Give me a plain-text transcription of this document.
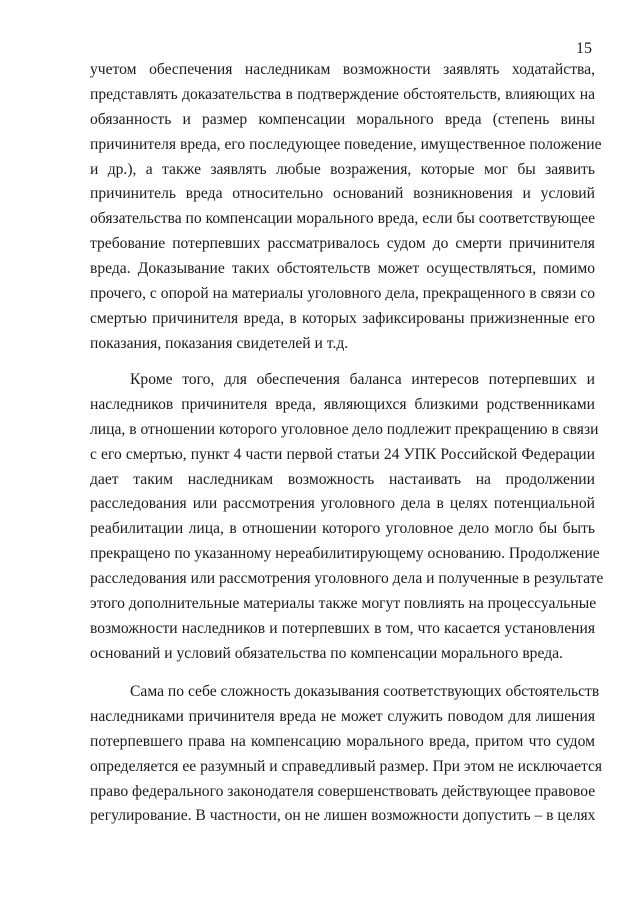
15
учетом обеспечения наследникам возможности заявлять ходатайства,
представлять доказательства в подтверждение обстоятельств, влияющих на
обязанность и размер компенсации морального вреда (степень вины
причинителя вреда, его последующее поведение, имущественное положение
и др.), а также заявлять любые возражения, которые мог бы заявить
причинитель вреда относительно оснований возникновения и условий
обязательства по компенсации морального вреда, если бы соответствующее
требование потерпевших рассматривалось судом до смерти причинителя
вреда. Доказывание таких обстоятельств может осуществляться, помимо
прочего, с опорой на материалы уголовного дела, прекращенного в связи со
смертью причинителя вреда, в которых зафиксированы прижизненные его
показания, показания свидетелей и т.д.
Кроме того, для обеспечения баланса интересов потерпевших и
наследников причинителя вреда, являющихся близкими родственниками
лица, в отношении которого уголовное дело подлежит прекращению в связи
с его смертью, пункт 4 части первой статьи 24 УПК Российской Федерации
дает таким наследникам возможность настаивать на продолжении
расследования или рассмотрения уголовного дела в целях потенциальной
реабилитации лица, в отношении которого уголовное дело могло бы быть
прекращено по указанному нереабилитирующему основанию. Продолжение
расследования или рассмотрения уголовного дела и полученные в результате
этого дополнительные материалы также могут повлиять на процессуальные
возможности наследников и потерпевших в том, что касается установления
оснований и условий обязательства по компенсации морального вреда.
Сама по себе сложность доказывания соответствующих обстоятельств
наследниками причинителя вреда не может служить поводом для лишения
потерпевшего права на компенсацию морального вреда, притом что судом
определяется ее разумный и справедливый размер. При этом не исключается
право федерального законодателя совершенствовать действующее правовое
регулирование. В частности, он не лишен возможности допустить – в целях
